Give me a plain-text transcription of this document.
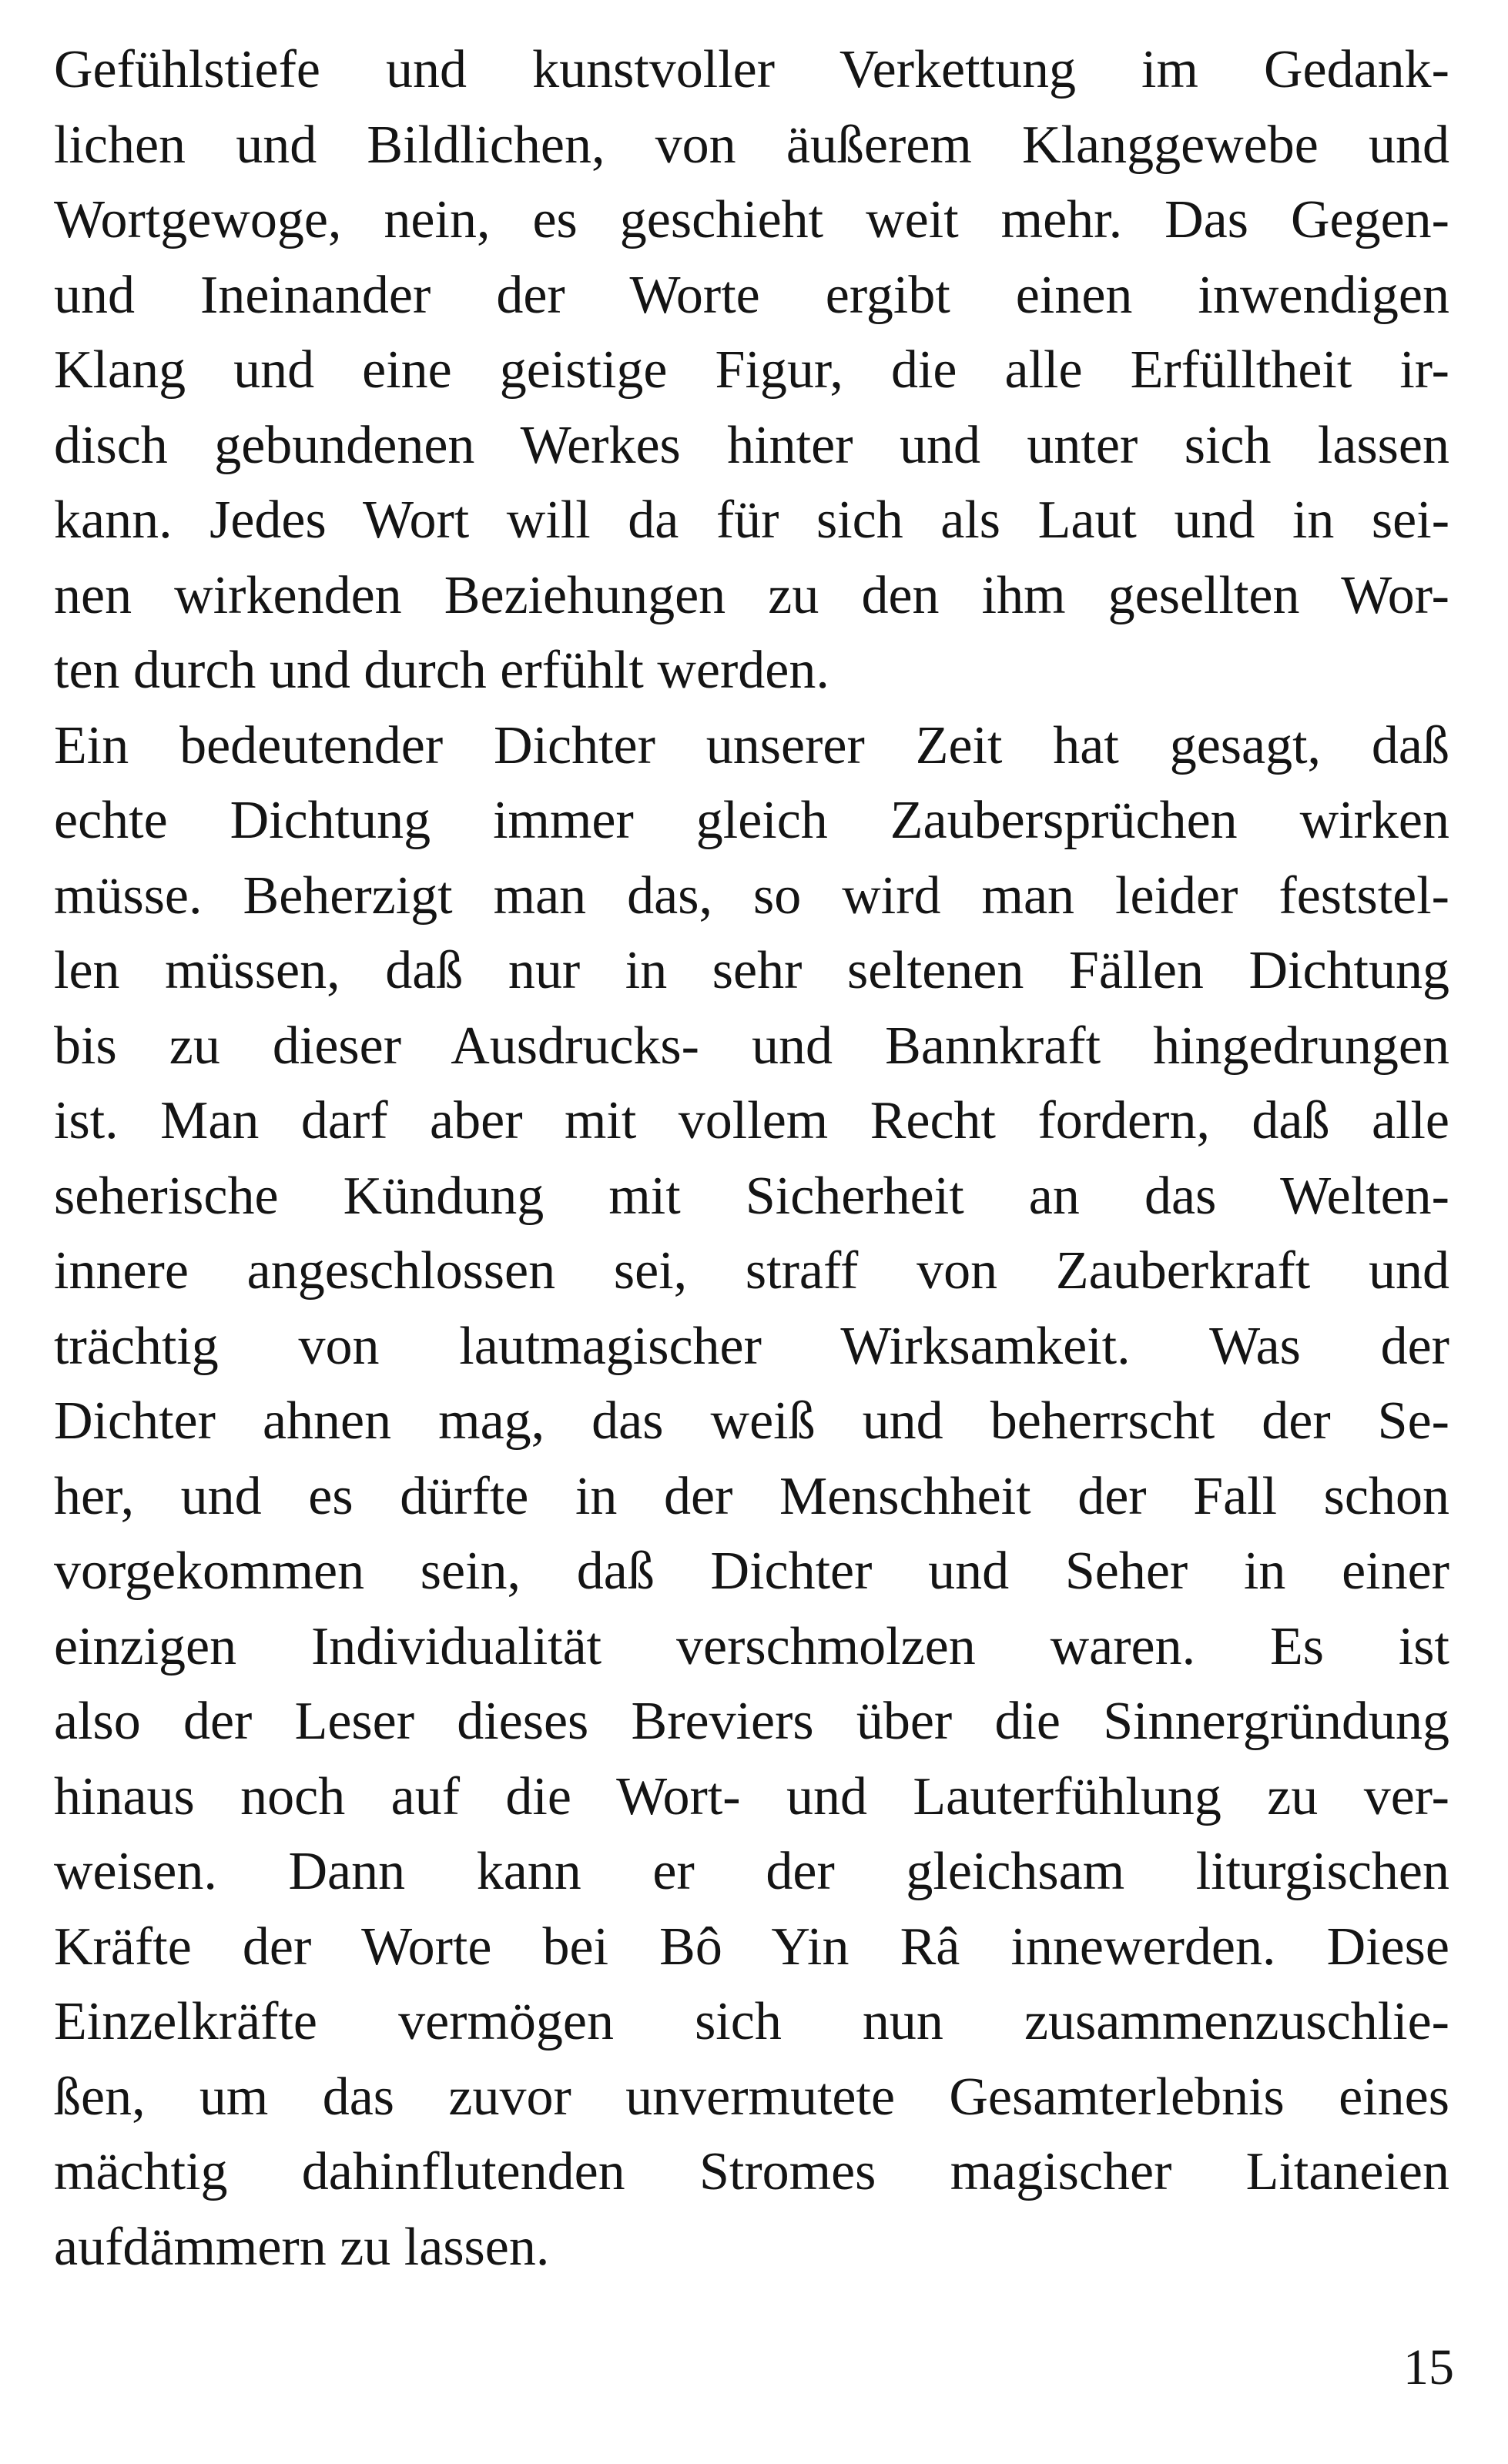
Gefühlstiefe und kunstvoller Verkettung im Gedank-
lichen und Bildlichen, von äußerem Klanggewebe und
Wortgewoge, nein, es geschieht weit mehr. Das Gegen-
und Ineinander der Worte ergibt einen inwendigen
Klang und eine geistige Figur, die alle Erfülltheit ir-
disch gebundenen Werkes hinter und unter sich lassen
kann. Jedes Wort will da für sich als Laut und in sei-
nen wirkenden Beziehungen zu den ihm gesellten Wor-
ten durch und durch erfühlt werden.
Ein bedeutender Dichter unserer Zeit hat gesagt, daß
echte Dichtung immer gleich Zaubersprüchen wirken
müsse. Beherzigt man das, so wird man leider feststel-
len müssen, daß nur in sehr seltenen Fällen Dichtung
bis zu dieser Ausdrucks- und Bannkraft hingedrungen
ist. Man darf aber mit vollem Recht fordern, daß alle
seherische Kündung mit Sicherheit an das Welten-
innere angeschlossen sei, straff von Zauberkraft und
trächtig von lautmagischer Wirksamkeit. Was der
Dichter ahnen mag, das weiß und beherrscht der Se-
her, und es dürfte in der Menschheit der Fall schon
vorgekommen sein, daß Dichter und Seher in einer
einzigen Individualität verschmolzen waren. Es ist
also der Leser dieses Breviers über die Sinnergründung
hinaus noch auf die Wort- und Lauterfühlung zu ver-
weisen. Dann kann er der gleichsam liturgischen
Kräfte der Worte bei Bô Yin Râ innewerden. Diese
Einzelkräfte vermögen sich nun zusammenzuschlie-
ßen, um das zuvor unvermutete Gesamterlebnis eines
mächtig dahinflutenden Stromes magischer Litaneien
aufdämmern zu lassen.
15
